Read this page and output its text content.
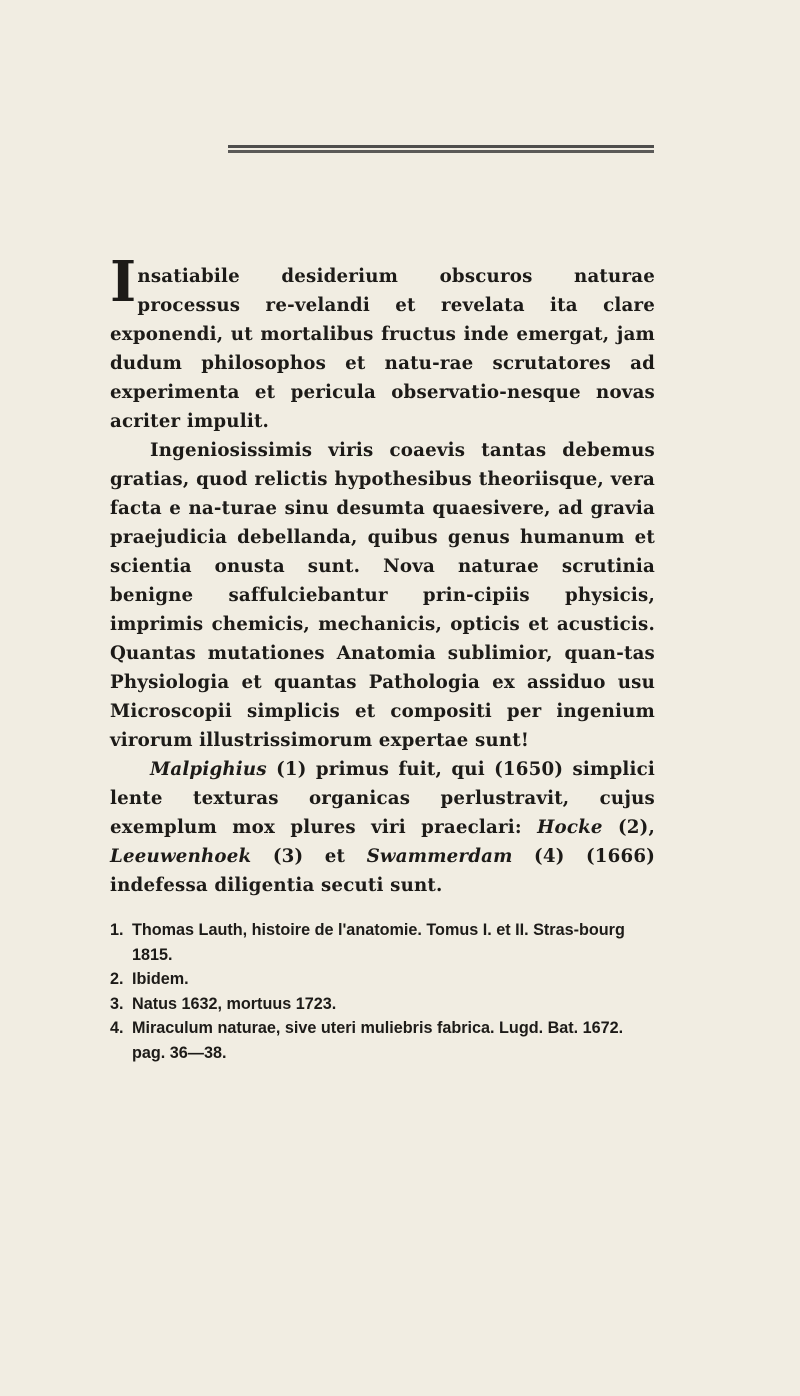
Insatiabile desiderium obscuros naturae processus re-velandi et revelata ita clare exponendi, ut mortalibus fructus inde emergat, jam dudum philosophos et natu-rae scrutatores ad experimenta et pericula observatio-nesque novas acriter impulit.

Ingeniosissimis viris coaevis tantas debemus gratias, quod relictis hypothesibus theoriisque, vera facta e na-turae sinu desumta quaesivere, ad gravia praejudicia debellanda, quibus genus humanum et scientia onusta sunt. Nova naturae scrutinia benigne saffulciebantur prin-cipiis physicis, imprimis chemicis, mechanicis, opticis et acusticis. Quantas mutationes Anatomia sublimior, quan-tas Physiologia et quantas Pathologia ex assiduo usu Microscopii simplicis et compositi per ingenium virorum illustrissimorum expertae sunt!

Malpighius (1) primus fuit, qui (1650) simplici lente texturas organicas perlustravit, cujus exemplum mox plures viri praeclari: Hocke (2), Leeuwenhoek (3) et Swammerdam (4) (1666) indefessa diligentia secuti sunt.

1. Thomas Lauth, histoire de l'anatomie. Tomus I. et II. Stras-bourg 1815.

2. Ibidem.

3. Natus 1632, mortuus 1723.

4. Miraculum naturae, sive uteri muliebris fabrica. Lugd. Bat. 1672. pag. 36—38.
